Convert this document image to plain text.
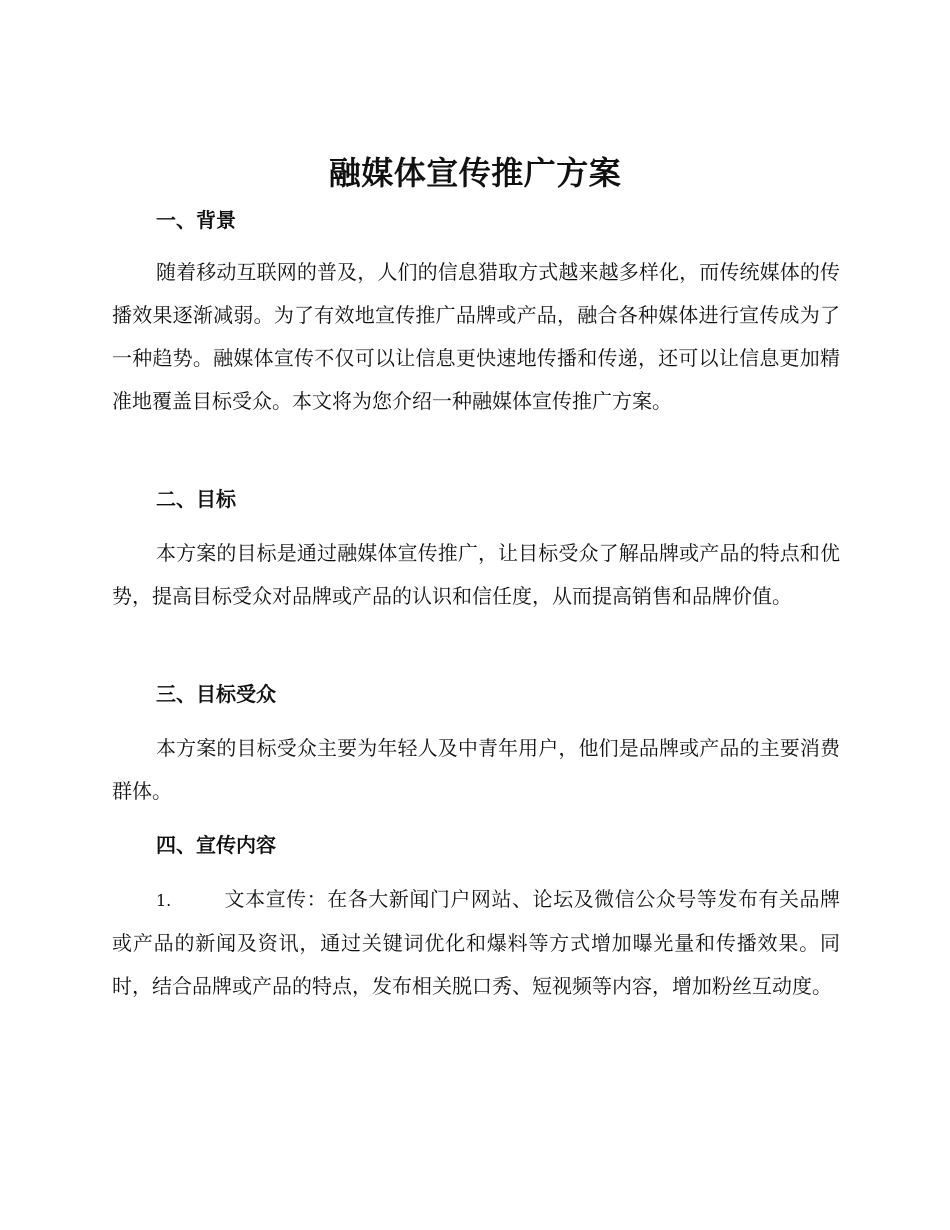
融媒体宣传推广方案
一、背景

随着移动互联网的普及，人们的信息猎取方式越来越多样化，而传统媒体的传播效果逐渐减弱。为了有效地宣传推广品牌或产品，融合各种媒体进行宣传成为了一种趋势。融媒体宣传不仅可以让信息更快速地传播和传递，还可以让信息更加精准地覆盖目标受众。本文将为您介绍一种融媒体宣传推广方案。

二、目标

本方案的目标是通过融媒体宣传推广，让目标受众了解品牌或产品的特点和优势，提高目标受众对品牌或产品的认识和信任度，从而提高销售和品牌价值。

三、目标受众

本方案的目标受众主要为年轻人及中青年用户，他们是品牌或产品的主要消费群体。

四、宣传内容

1.	文本宣传：在各大新闻门户网站、论坛及微信公众号等发布有关品牌或产品的新闻及资讯，通过关键词优化和爆料等方式增加曝光量和传播效果。同时，结合品牌或产品的特点，发布相关脱口秀、短视频等内容，增加粉丝互动度。
